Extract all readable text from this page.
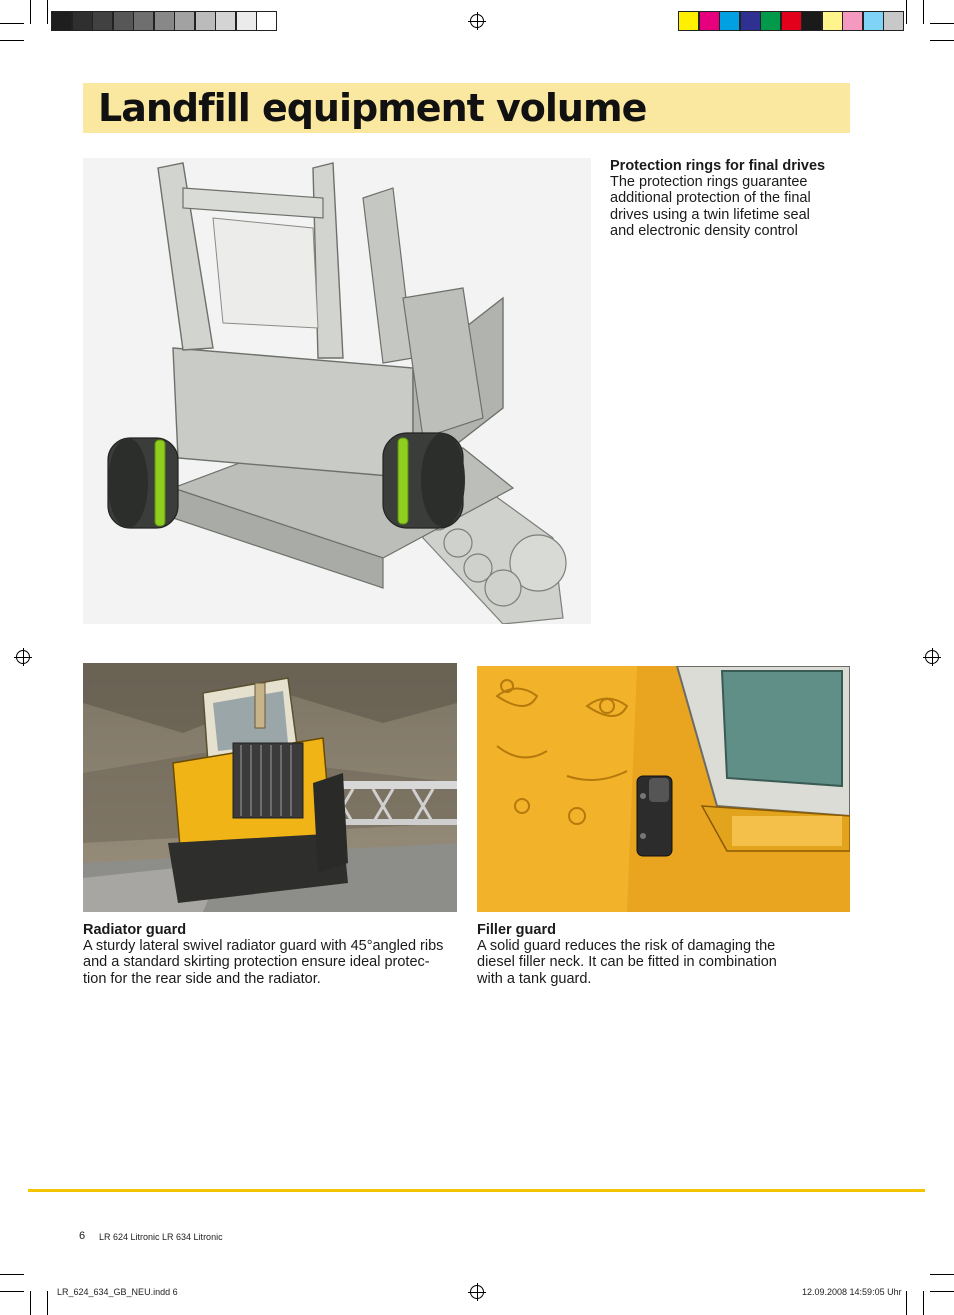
Landfill equipment volume
Protection rings for final drives
The protection rings guarantee
additional protection of the final
drives using a twin lifetime seal
and electronic density control
Radiator guard
A sturdy lateral swivel radiator guard with 45°angled ribs
and a standard skirting protection ensure ideal protec-
tion for the rear side and the radiator.
Filler guard
A solid guard reduces the risk of damaging the
diesel filler neck. It can be fitted in combination
with a tank guard.
6 LR 624 Litronic LR 634 Litronic
LR_624_634_GB_NEU.indd 6	12.09.2008 14:59:05 Uhr
